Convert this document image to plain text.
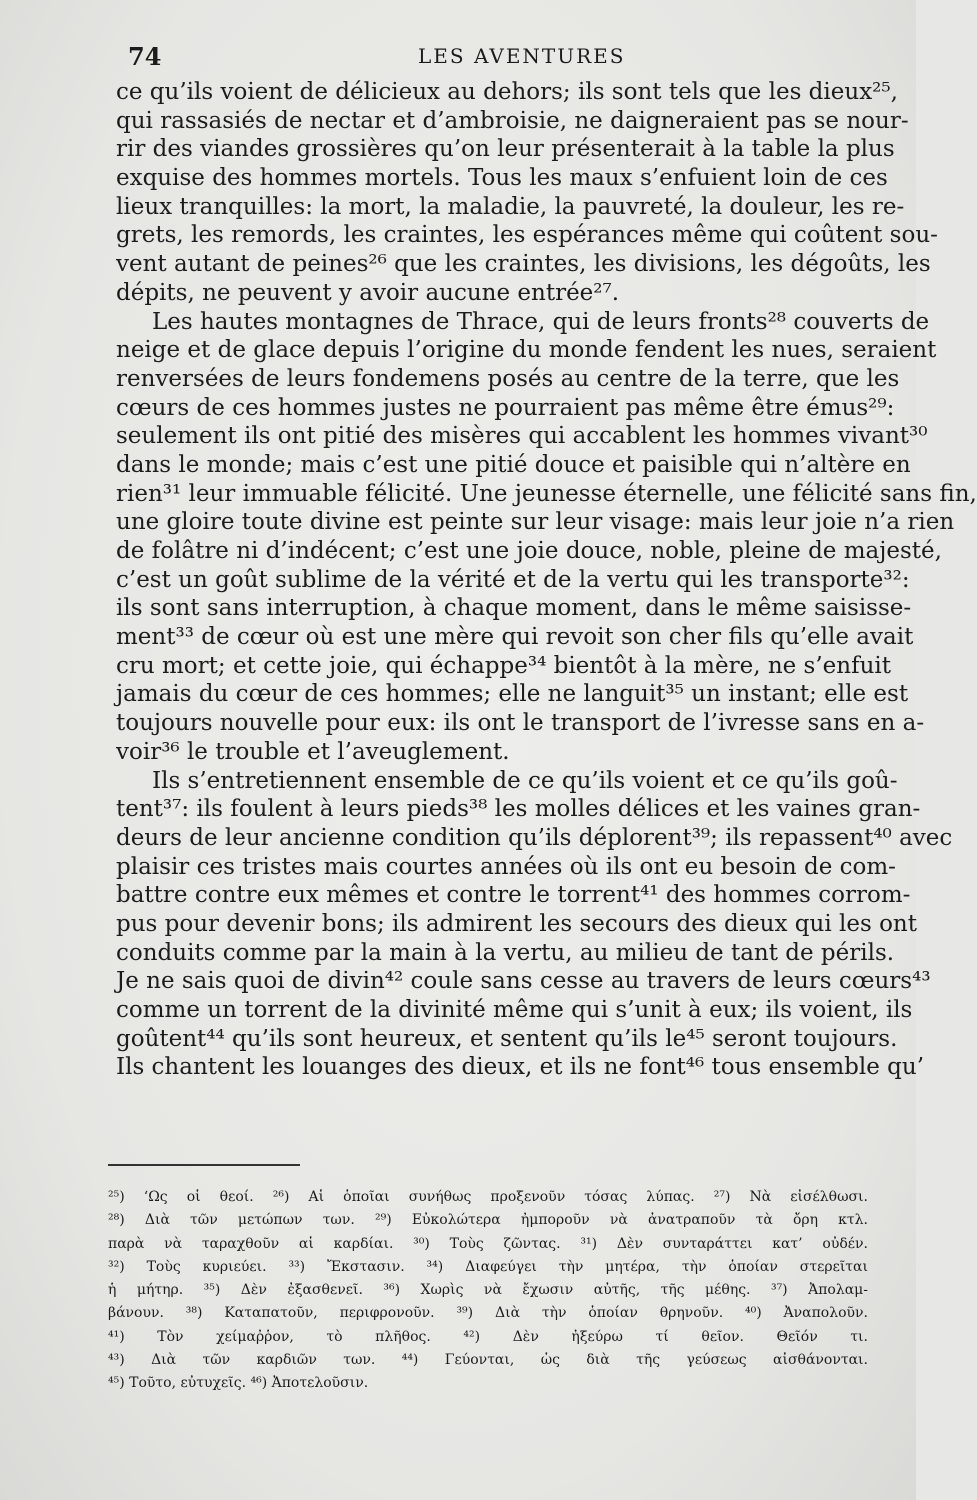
74	LES AVENTURES
ce qu’ils voient de délicieux au dehors; ils sont tels que les dieux²⁵,
qui rassasiés de nectar et d’ambroisie, ne daigneraient pas se nour-
rir des viandes grossières qu’on leur présenterait à la table la plus
exquise des hommes mortels. Tous les maux s’enfuient loin de ces
lieux tranquilles: la mort, la maladie, la pauvreté, la douleur, les re-
grets, les remords, les craintes, les espérances même qui coûtent sou-
vent autant de peines²⁶ que les craintes, les divisions, les dégoûts, les
dépits, ne peuvent y avoir aucune entrée²⁷.
Les hautes montagnes de Thrace, qui de leurs fronts²⁸ couverts de
neige et de glace depuis l’origine du monde fendent les nues, seraient
renversées de leurs fondemens posés au centre de la terre, que les
cœurs de ces hommes justes ne pourraient pas même être émus²⁹:
seulement ils ont pitié des misères qui accablent les hommes vivant³⁰
dans le monde; mais c’est une pitié douce et paisible qui n’altère en
rien³¹ leur immuable félicité. Une jeunesse éternelle, une félicité sans fin,
une gloire toute divine est peinte sur leur visage: mais leur joie n’a rien
de folâtre ni d’indécent; c’est une joie douce, noble, pleine de majesté,
c’est un goût sublime de la vérité et de la vertu qui les transporte³²:
ils sont sans interruption, à chaque moment, dans le même saisisse-
ment³³ de cœur où est une mère qui revoit son cher fils qu’elle avait
cru mort; et cette joie, qui échappe³⁴ bientôt à la mère, ne s’enfuit
jamais du cœur de ces hommes; elle ne languit³⁵ un instant; elle est
toujours nouvelle pour eux: ils ont le transport de l’ivresse sans en a-
voir³⁶ le trouble et l’aveuglement.
Ils s’entretiennent ensemble de ce qu’ils voient et ce qu’ils goû-
tent³⁷: ils foulent à leurs pieds³⁸ les molles délices et les vaines gran-
deurs de leur ancienne condition qu’ils déplorent³⁹; ils repassent⁴⁰ avec
plaisir ces tristes mais courtes années où ils ont eu besoin de com-
battre contre eux mêmes et contre le torrent⁴¹ des hommes corrom-
pus pour devenir bons; ils admirent les secours des dieux qui les ont
conduits comme par la main à la vertu, au milieu de tant de périls.
Je ne sais quoi de divin⁴² coule sans cesse au travers de leurs cœurs⁴³
comme un torrent de la divinité même qui s’unit à eux; ils voient, ils
goûtent⁴⁴ qu’ils sont heureux, et sentent qu’ils le⁴⁵ seront toujours.
Ils chantent les louanges des dieux, et ils ne font⁴⁶ tous ensemble qu’
²⁵) ‘Ως οἱ θεοί. ²⁶) Αἱ ὁποῖαι συνήθως προξενοῦν τόσας λύπας. ²⁷) Νὰ εἰσέλθωσι.
²⁸) Διὰ τῶν μετώπων των. ²⁹) Εὐκολώτερα ἠμποροῦν νὰ ἀνατραποῦν τὰ ὄρη κτλ.
παρὰ νὰ ταραχθοῦν αἱ καρδίαι. ³⁰) Τοὺς ζῶντας. ³¹) Δὲν συνταράττει κατ’ οὐδέν.
³²) Τοὺς κυριεύει. ³³) Ἔκστασιν. ³⁴) Διαφεύγει τὴν μητέρα, τὴν ὁποίαν στερεῖται
ἡ μήτηρ. ³⁵) Δὲν ἐξασθενεῖ. ³⁶) Χωρὶς νὰ ἔχωσιν αὐτῆς, τῆς μέθης. ³⁷) Ἀπολαμ-
βάνουν. ³⁸) Καταπατοῦν, περιφρονοῦν. ³⁹) Διὰ τὴν ὁποίαν θρηνοῦν. ⁴⁰) Ἀναπολοῦν.
⁴¹) Τὸν χείμαῤῥον, τὸ πλῆθος. ⁴²) Δὲν ἠξεύρω τί θεῖον. Θεῖόν τι.
⁴³) Διὰ τῶν καρδιῶν των. ⁴⁴) Γεύονται, ὡς διὰ τῆς γεύσεως αἰσθάνονται.
⁴⁵) Τοῦτο, εὐτυχεῖς. ⁴⁶) Ἀποτελοῦσιν.
